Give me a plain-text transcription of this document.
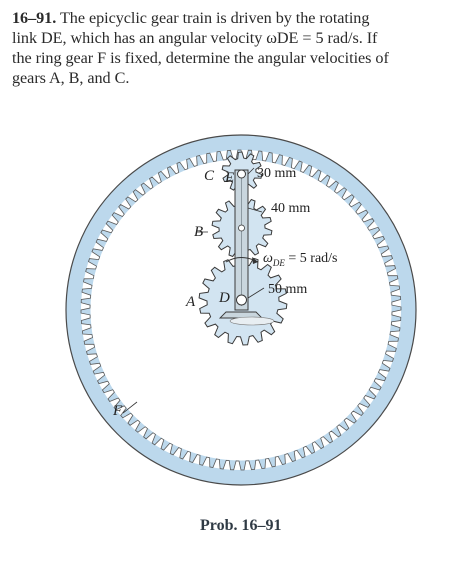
16–91. The epicyclic gear train is driven by the rotating
link DE, which has an angular velocity ωDE = 5 rad/s. If
the ring gear F is fixed, determine the angular velocities of
gears A, B, and C.
C E 30 mm
40 mm
B
$\omega_{DE} = 5$ rad/s
50 mm
A D
F
Prob. 16–91
